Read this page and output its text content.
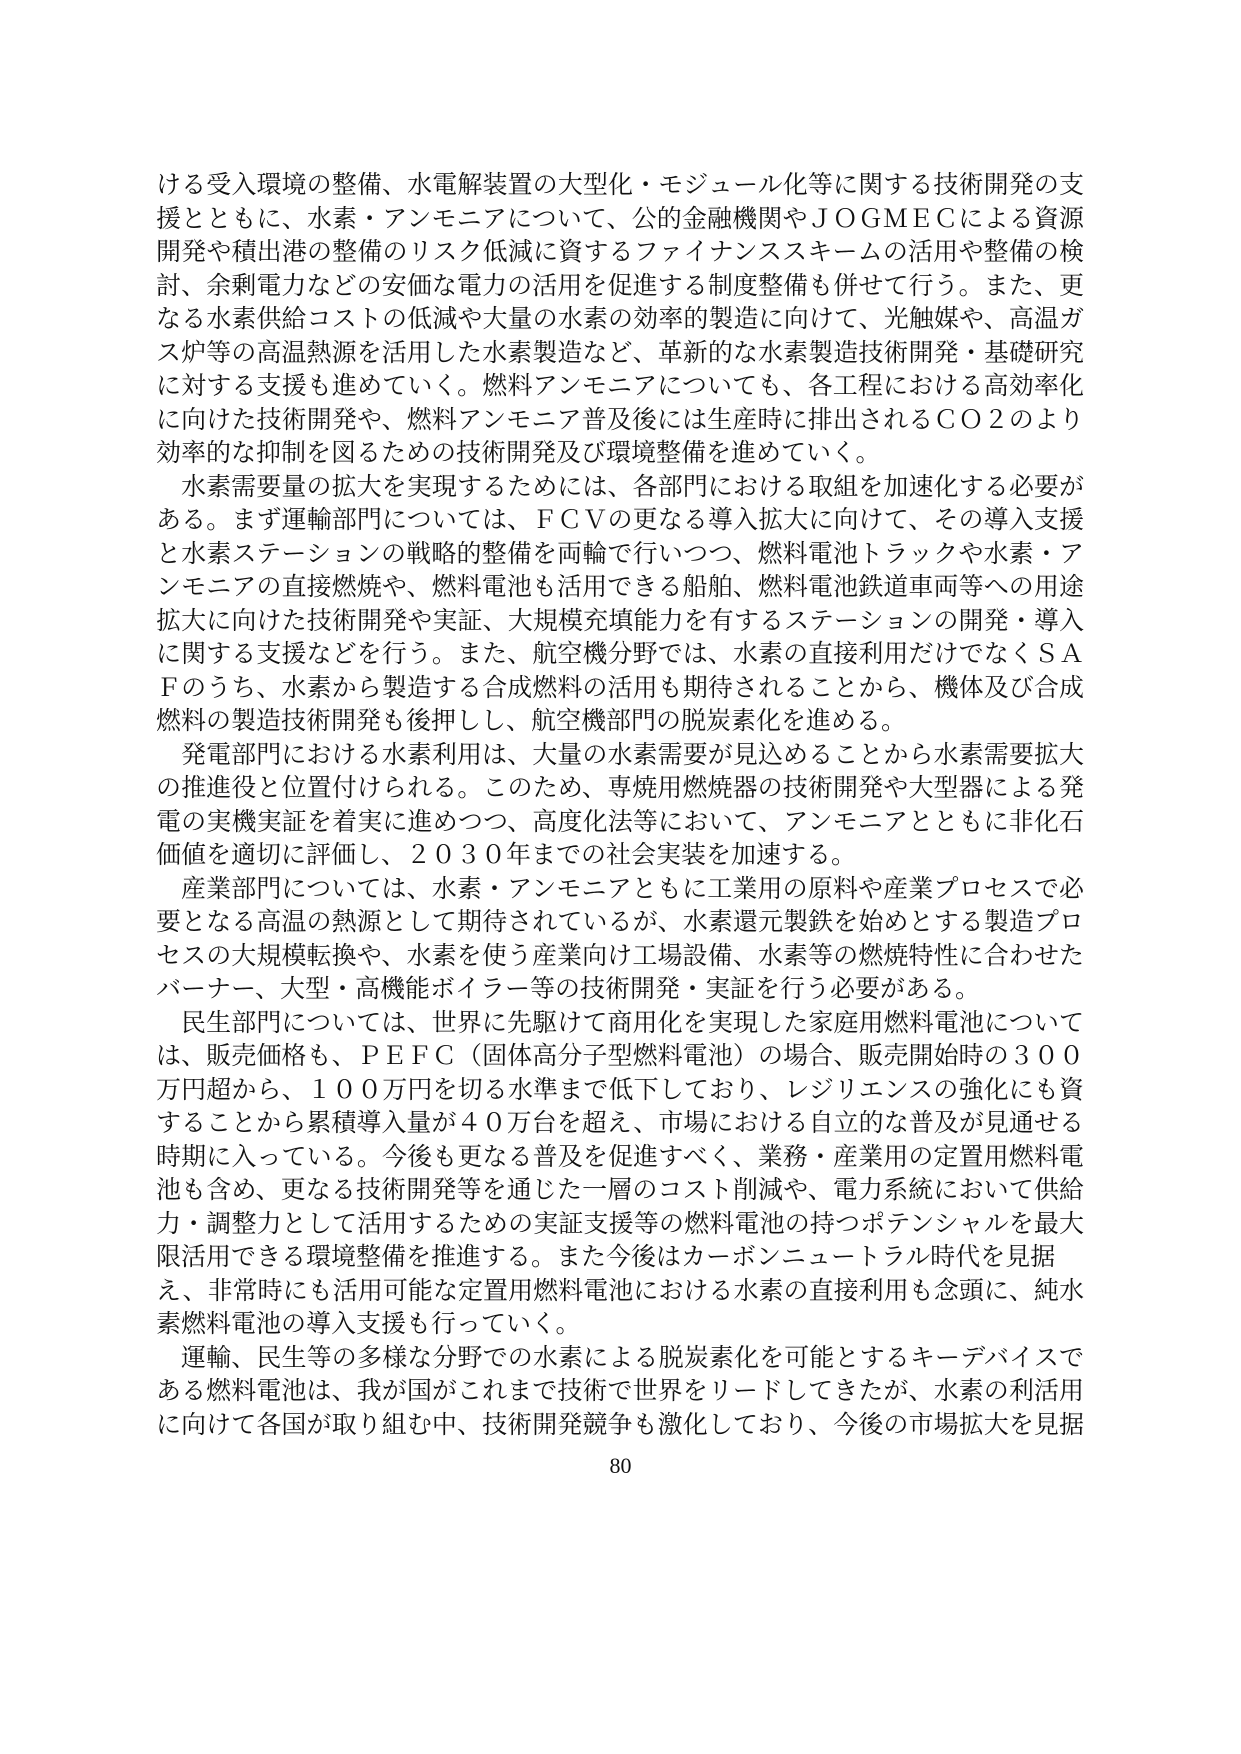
ける受入環境の整備、水電解装置の大型化・モジュール化等に関する技術開発の支
援とともに、水素・アンモニアについて、公的金融機関やＪＯＧＭＥＣによる資源
開発や積出港の整備のリスク低減に資するファイナンススキームの活用や整備の検
討、余剰電力などの安価な電力の活用を促進する制度整備も併せて行う。また、更
なる水素供給コストの低減や大量の水素の効率的製造に向けて、光触媒や、高温ガ
ス炉等の高温熱源を活用した水素製造など、革新的な水素製造技術開発・基礎研究
に対する支援も進めていく。燃料アンモニアについても、各工程における高効率化
に向けた技術開発や、燃料アンモニア普及後には生産時に排出されるＣＯ２のより
効率的な抑制を図るための技術開発及び環境整備を進めていく。
水素需要量の拡大を実現するためには、各部門における取組を加速化する必要が
ある。まず運輸部門については、ＦＣＶの更なる導入拡大に向けて、その導入支援
と水素ステーションの戦略的整備を両輪で行いつつ、燃料電池トラックや水素・ア
ンモニアの直接燃焼や、燃料電池も活用できる船舶、燃料電池鉄道車両等への用途
拡大に向けた技術開発や実証、大規模充填能力を有するステーションの開発・導入
に関する支援などを行う。また、航空機分野では、水素の直接利用だけでなくＳＡ
Ｆのうち、水素から製造する合成燃料の活用も期待されることから、機体及び合成
燃料の製造技術開発も後押しし、航空機部門の脱炭素化を進める。
発電部門における水素利用は、大量の水素需要が見込めることから水素需要拡大
の推進役と位置付けられる。このため、専焼用燃焼器の技術開発や大型器による発
電の実機実証を着実に進めつつ、高度化法等において、アンモニアとともに非化石
価値を適切に評価し、２０３０年までの社会実装を加速する。
産業部門については、水素・アンモニアともに工業用の原料や産業プロセスで必
要となる高温の熱源として期待されているが、水素還元製鉄を始めとする製造プロ
セスの大規模転換や、水素を使う産業向け工場設備、水素等の燃焼特性に合わせた
バーナー、大型・高機能ボイラー等の技術開発・実証を行う必要がある。
民生部門については、世界に先駆けて商用化を実現した家庭用燃料電池について
は、販売価格も、ＰＥＦＣ（固体高分子型燃料電池）の場合、販売開始時の３００
万円超から、１００万円を切る水準まで低下しており、レジリエンスの強化にも資
することから累積導入量が４０万台を超え、市場における自立的な普及が見通せる
時期に入っている。今後も更なる普及を促進すべく、業務・産業用の定置用燃料電
池も含め、更なる技術開発等を通じた一層のコスト削減や、電力系統において供給
力・調整力として活用するための実証支援等の燃料電池の持つポテンシャルを最大
限活用できる環境整備を推進する。また今後はカーボンニュートラル時代を見据
え、非常時にも活用可能な定置用燃料電池における水素の直接利用も念頭に、純水
素燃料電池の導入支援も行っていく。
運輸、民生等の多様な分野での水素による脱炭素化を可能とするキーデバイスで
ある燃料電池は、我が国がこれまで技術で世界をリードしてきたが、水素の利活用
に向けて各国が取り組む中、技術開発競争も激化しており、今後の市場拡大を見据
80
